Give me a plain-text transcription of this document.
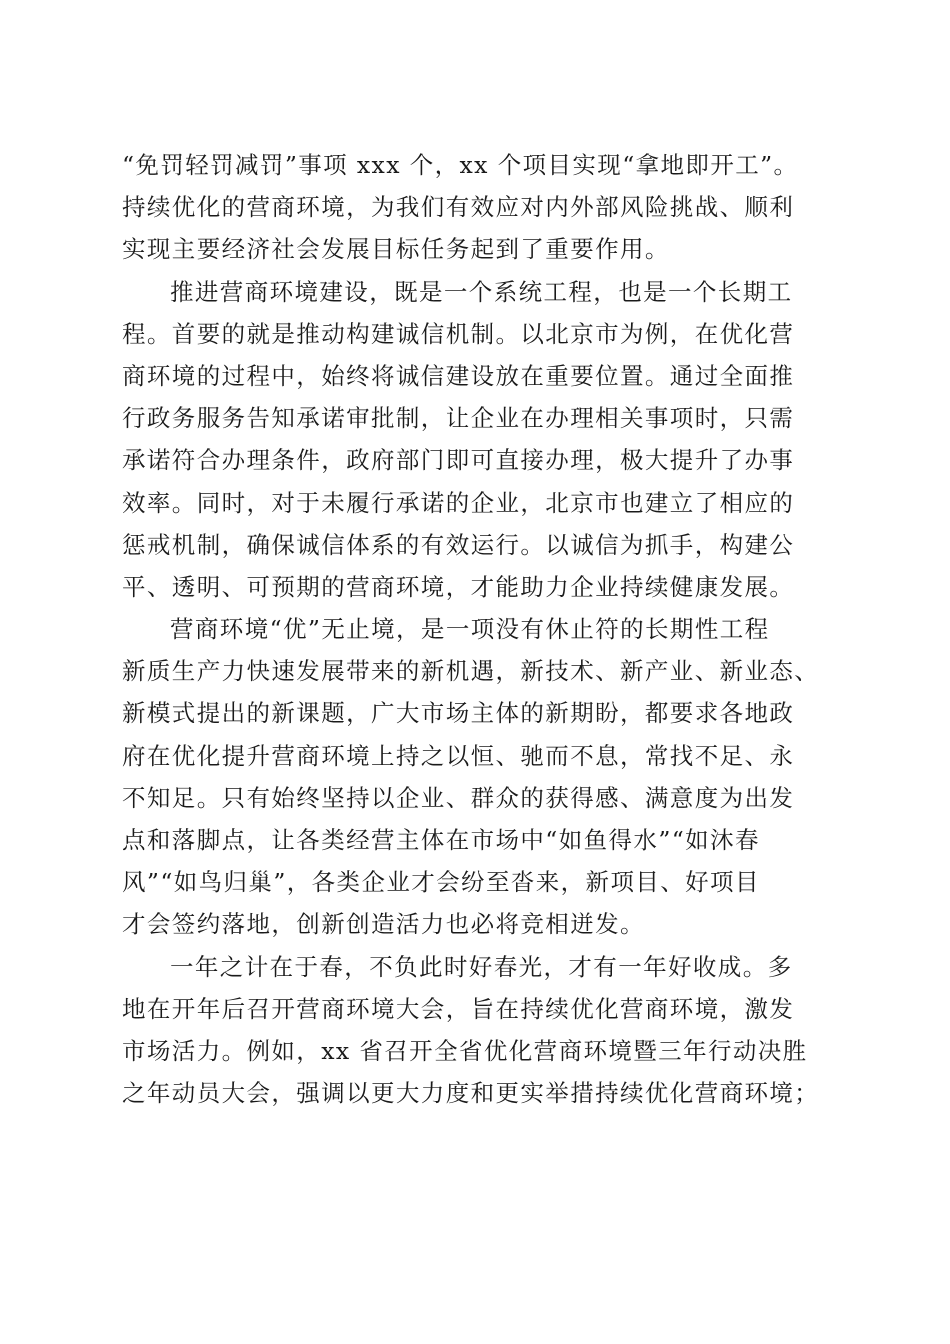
“免罚轻罚减罚”事项 xxx 个，xx 个项目实现“拿地即开工”。
持续优化的营商环境，为我们有效应对内外部风险挑战、顺利
实现主要经济社会发展目标任务起到了重要作用。
推进营商环境建设，既是一个系统工程，也是一个长期工
程。首要的就是推动构建诚信机制。以北京市为例，在优化营
商环境的过程中，始终将诚信建设放在重要位置。通过全面推
行政务服务告知承诺审批制，让企业在办理相关事项时，只需
承诺符合办理条件，政府部门即可直接办理，极大提升了办事
效率。同时，对于未履行承诺的企业，北京市也建立了相应的
惩戒机制，确保诚信体系的有效运行。以诚信为抓手，构建公
平、透明、可预期的营商环境，才能助力企业持续健康发展。
营商环境“优”无止境，是一项没有休止符的长期性工程
新质生产力快速发展带来的新机遇，新技术、新产业、新业态、
新模式提出的新课题，广大市场主体的新期盼，都要求各地政
府在优化提升营商环境上持之以恒、驰而不息，常找不足、永
不知足。只有始终坚持以企业、群众的获得感、满意度为出发
点和落脚点，让各类经营主体在市场中“如鱼得水”“如沐春
风”“如鸟归巢”，各类企业才会纷至沓来，新项目、好项目
才会签约落地，创新创造活力也必将竞相迸发。
一年之计在于春，不负此时好春光，才有一年好收成。多
地在开年后召开营商环境大会，旨在持续优化营商环境，激发
市场活力。例如，xx 省召开全省优化营商环境暨三年行动决胜
之年动员大会，强调以更大力度和更实举措持续优化营商环境；
